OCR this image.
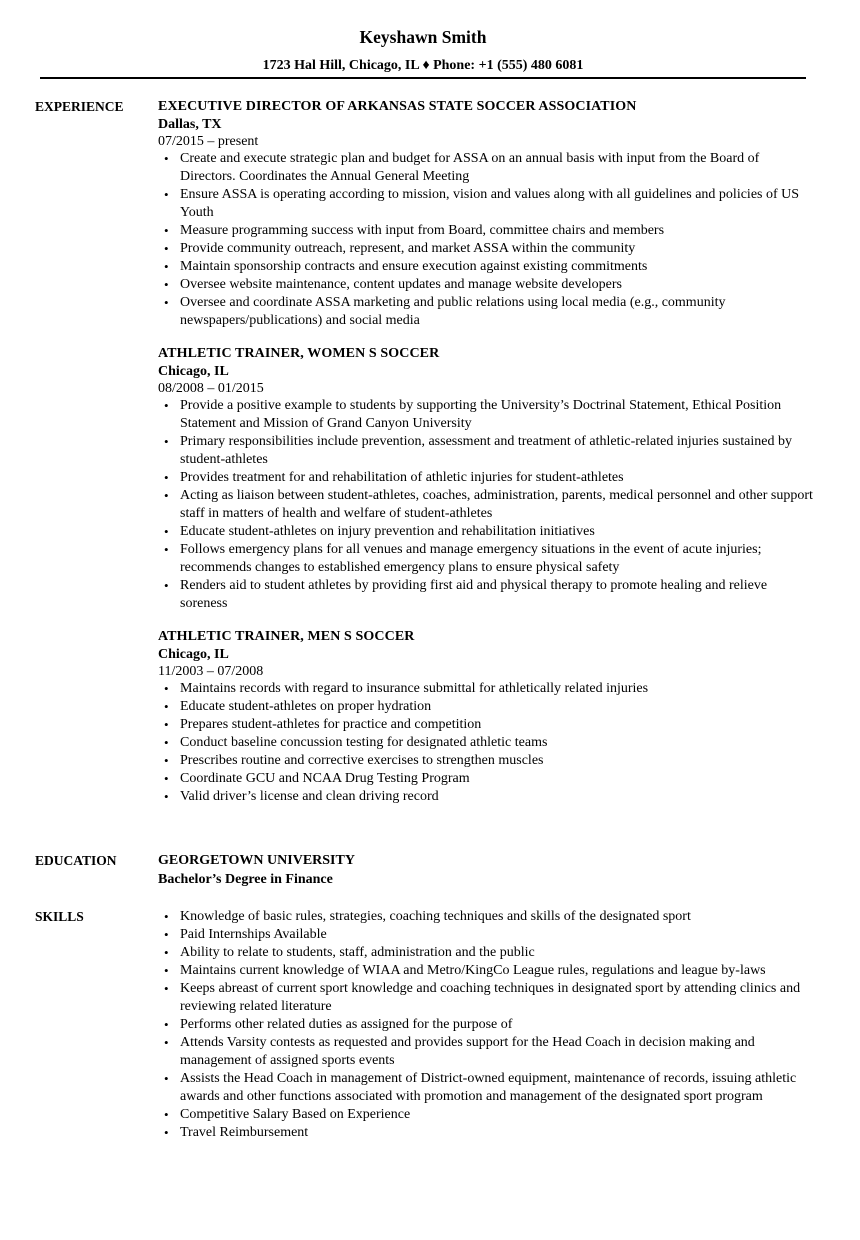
Keyshawn Smith
1723 Hal Hill, Chicago, IL ♦ Phone: +1 (555) 480 6081
EXPERIENCE EXECUTIVE DIRECTOR OF ARKANSAS STATE SOCCER ASSOCIATION
Dallas, TX
07/2015 – present
• Create and execute strategic plan and budget for ASSA on an annual basis with input from the Board of Directors. Coordinates the Annual General Meeting
• Ensure ASSA is operating according to mission, vision and values along with all guidelines and policies of US Youth
• Measure programming success with input from Board, committee chairs and members
• Provide community outreach, represent, and market ASSA within the community
• Maintain sponsorship contracts and ensure execution against existing commitments
• Oversee website maintenance, content updates and manage website developers
• Oversee and coordinate ASSA marketing and public relations using local media (e.g., community newspapers/publications) and social media
ATHLETIC TRAINER, WOMEN S SOCCER
Chicago, IL
08/2008 – 01/2015
• Provide a positive example to students by supporting the University’s Doctrinal Statement, Ethical Position Statement and Mission of Grand Canyon University
• Primary responsibilities include prevention, assessment and treatment of athletic-related injuries sustained by student-athletes
• Provides treatment for and rehabilitation of athletic injuries for student-athletes
• Acting as liaison between student-athletes, coaches, administration, parents, medical personnel and other support staff in matters of health and welfare of student-athletes
• Educate student-athletes on injury prevention and rehabilitation initiatives
• Follows emergency plans for all venues and manage emergency situations in the event of acute injuries; recommends changes to established emergency plans to ensure physical safety
• Renders aid to student athletes by providing first aid and physical therapy to promote healing and relieve soreness
ATHLETIC TRAINER, MEN S SOCCER
Chicago, IL
11/2003 – 07/2008
• Maintains records with regard to insurance submittal for athletically related injuries
• Educate student-athletes on proper hydration
• Prepares student-athletes for practice and competition
• Conduct baseline concussion testing for designated athletic teams
• Prescribes routine and corrective exercises to strengthen muscles
• Coordinate GCU and NCAA Drug Testing Program
• Valid driver’s license and clean driving record
EDUCATION	GEORGETOWN UNIVERSITY
Bachelor’s Degree in Finance
SKILLS
•	Knowledge of basic rules, strategies, coaching techniques and skills of the designated sport
• Paid Internships Available
• Ability to relate to students, staff, administration and the public
• Maintains current knowledge of WIAA and Metro/KingCo League rules, regulations and league by-laws
• Keeps abreast of current sport knowledge and coaching techniques in designated sport by attending clinics and reviewing related literature
• Performs other related duties as assigned for the purpose of
• Attends Varsity contests as requested and provides support for the Head Coach in decision making and management of assigned sports events
• Assists the Head Coach in management of District-owned equipment, maintenance of records, issuing athletic awards and other functions associated with promotion and management of the designated sport program
• Competitive Salary Based on Experience
• Travel Reimbursement
